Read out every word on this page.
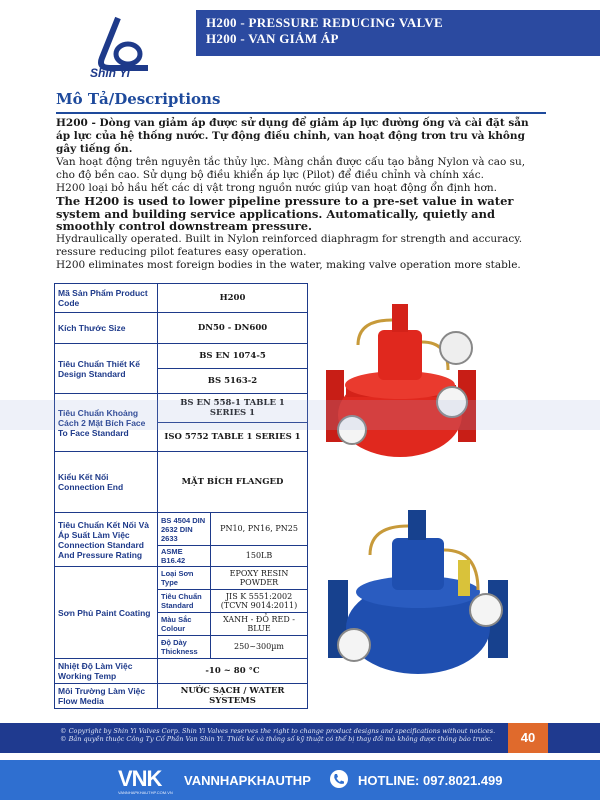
Shin Yi
H200 - PRESSURE REDUCING VALVE
H200 - VAN GIẢM ÁP
Mô Tả/Descriptions

H200 - Dòng van giảm áp được sử dụng để giảm áp lực đường ống và cài đặt sẵn áp lực của hệ thống nước. Tự động điều chỉnh, van hoạt động trơn tru và không gây tiếng ồn.

Van hoạt động trên nguyên tắc thủy lực. Màng chắn được cấu tạo bằng Nylon và cao su, cho độ bền cao. Sử dụng bộ điều khiển áp lực (Pilot) để điều chỉnh và chính xác.

H200 loại bỏ hầu hết các dị vật trong nguồn nước giúp van hoạt động ổn định hơn.

The H200 is used to lower pipeline pressure to a pre-set value in water system and building service applications. Automatically, quietly and smoothly control downstream pressure.

Hydraulically operated. Built in Nylon reinforced diaphragm for strength and accuracy. ressure reducing pilot features easy operation.

H200 eliminates most foreign bodies in the water, making valve operation more stable.

Mã Sản Phẩm Product Code	H200	
Kích Thước Size	DN50 - DN600	
Tiêu Chuẩn Thiết Kế Design Standard	BS EN 1074-5	
	BS 5163-2	
Tiêu Chuẩn Khoảng Cách 2 Mặt Bích Face To Face Standard	BS EN 558-1 TABLE 1 SERIES 1	
	ISO 5752 TABLE 1 SERIES 1	
Kiểu Kết Nối Connection End	MẶT BÍCH FLANGED	
Tiêu Chuẩn Kết Nối Và Áp Suất Làm Việc Connection Standard And Pressure Rating	BS 4504 DIN 2632 DIN 2633	PN10, PN16, PN25
	ASME B16.42	150LB
Sơn Phủ Paint Coating	Loại Sơn Type	EPOXY RESIN POWDER
	Tiêu Chuẩn Standard	JIS K 5551:2002 (TCVN 9014:2011)
	Màu Sắc Colour	XANH - ĐỎ RED - BLUE
	Độ Dày Thickness	250~300µm
Nhiệt Độ Làm Việc Working Temp	-10 ~ 80 °C	
Môi Trường Làm Việc Flow Media	NƯỚC SẠCH / WATER SYSTEMS	
© Copyright by Shin Yi Valves Corp. Shin Yi Valves reserves the right to change product designs and specifications without notices.
© Bản quyền thuộc Công Ty Cổ Phần Van Shin Yi. Thiết kế và thông số kỹ thuật có thể bị thay đổi mà không được thông báo trước.	40
VNK
VANNHAPKHAUTHP.COM.VN
VANNHAPKHAUTHP	HOTLINE: 097.8021.499
